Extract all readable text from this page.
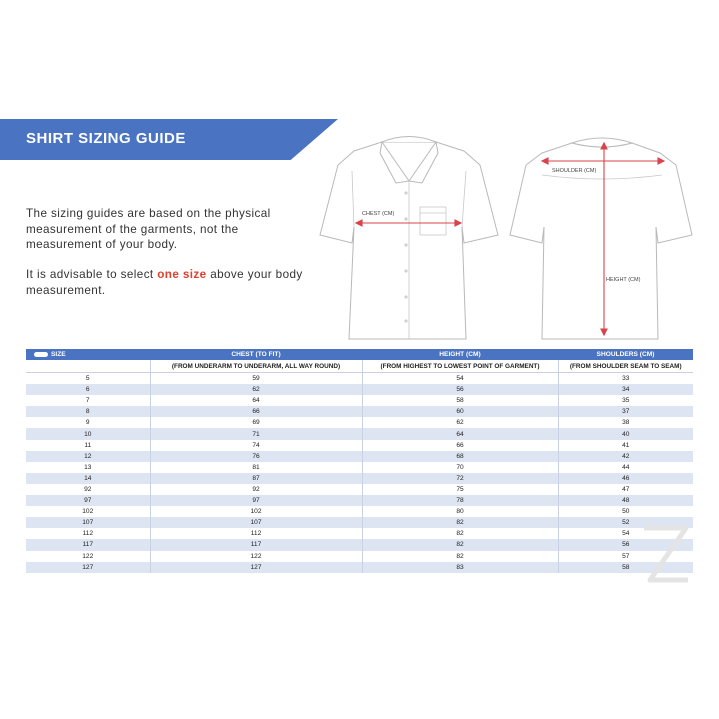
SHIRT SIZING GUIDE
The sizing guides are based on the physical measurement of the garments, not the measurement of your body.
It is advisable to select one size above your body measurement.
CHEST (CM)
SHOULDER (CM)
HEIGHT (CM)
SIZE	CHEST (TO FIT)	HEIGHT (CM)	SHOULDERS (CM)
	(FROM UNDERARM TO UNDERARM, ALL WAY ROUND)	(FROM HIGHEST TO LOWEST POINT OF GARMENT)	(FROM SHOULDER SEAM TO SEAM)
5	59	54	33
6	62	56	34
7	64	58	35
8	66	60	37
9	69	62	38
10	71	64	40
11	74	66	41
12	76	68	42
13	81	70	44
14	87	72	46
92	92	75	47
97	97	78	48
102	102	80	50
107	107	82	52
112	112	82	54
117	117	82	56
122	122	82	57
127	127	83	58
